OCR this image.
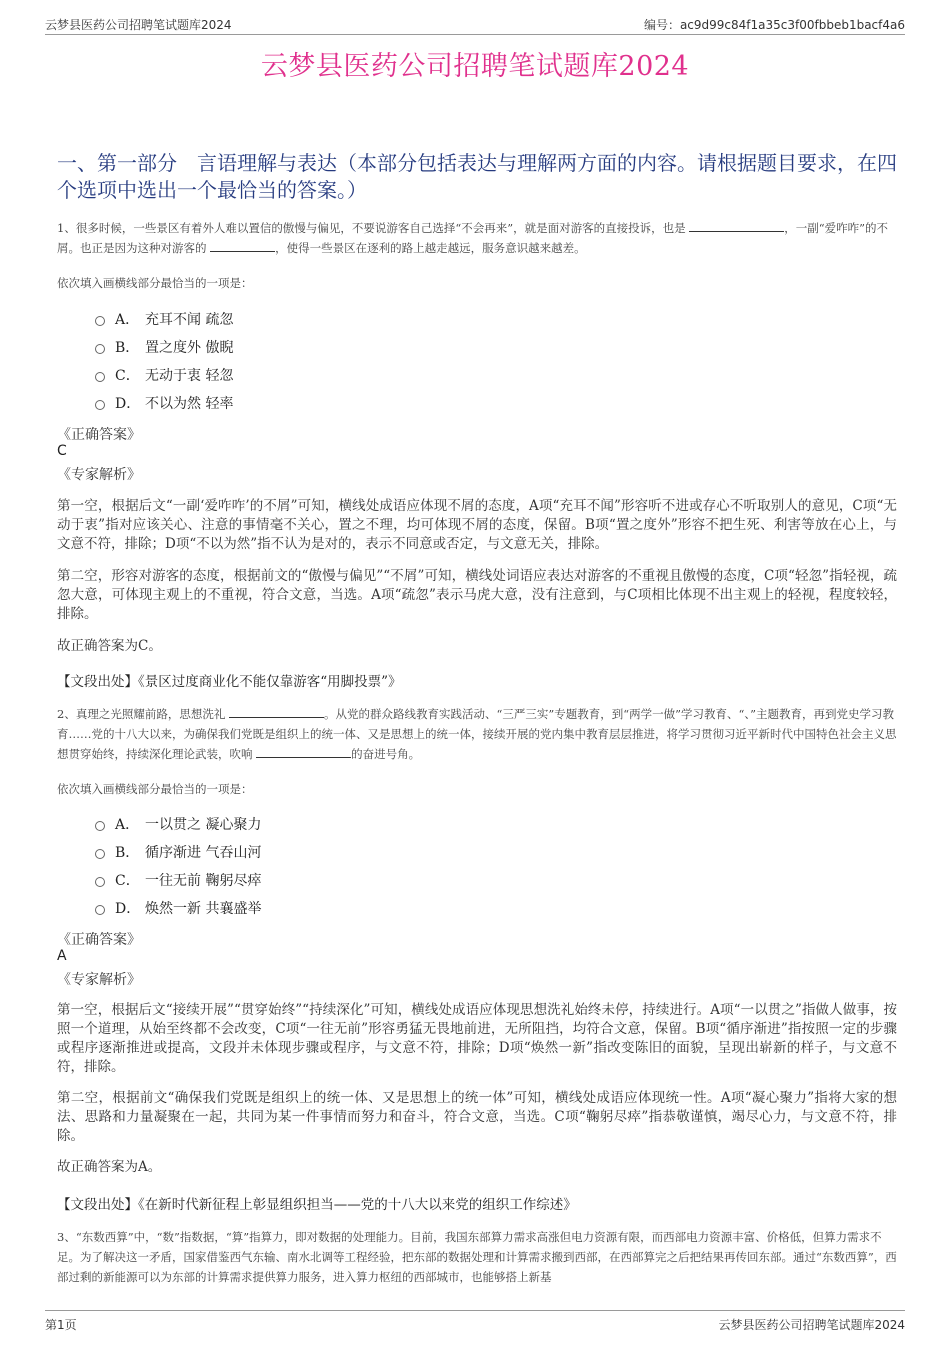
云梦县医药公司招聘笔试题库2024	编号：ac9d99c84f1a35c3f00fbbeb1bacf4a6
云梦县医药公司招聘笔试题库2024
一、第一部分　言语理解与表达（本部分包括表达与理解两方面的内容。请根据题目要求，在四个选项中选出一个最恰当的答案。）
1、很多时候，一些景区有着外人难以置信的傲慢与偏见，不要说游客自己选择“不会再来”，就是面对游客的直接投诉，也是	，一副“爱咋咋”的不屑。也正是因为这种对游客的	，使得一些景区在逐利的路上越走越远，服务意识越来越差。
依次填入画横线部分最恰当的一项是：
A． 充耳不闻 疏忽
B． 置之度外 傲睨
C． 无动于衷 轻忽
D． 不以为然 轻率
《正确答案》
C
《专家解析》
第一空，根据后文“一副‘爱咋咋’的不屑”可知，横线处成语应体现不屑的态度，A项“充耳不闻”形容听不进或存心不听取别人的意见，C项“无动于衷”指对应该关心、注意的事情毫不关心，置之不理，均可体现不屑的态度，保留。B项“置之度外”形容不把生死、利害等放在心上，与文意不符，排除；D项“不以为然”指不认为是对的，表示不同意或否定，与文意无关，排除。
第二空，形容对游客的态度，根据前文的“傲慢与偏见”“不屑”可知，横线处词语应表达对游客的不重视且傲慢的态度，C项“轻忽”指轻视，疏忽大意，可体现主观上的不重视，符合文意，当选。A项“疏忽”表示马虎大意，没有注意到，与C项相比体现不出主观上的轻视，程度较轻，排除。
故正确答案为C。
【文段出处】《景区过度商业化不能仅靠游客“用脚投票”》
2、真理之光照耀前路，思想洗礼	。从党的群众路线教育实践活动、“三严三实”专题教育，到“两学一做”学习教育、“、”主题教育，再到党史学习教育……党的十八大以来，为确保我们党既是组织上的统一体、又是思想上的统一体，接续开展的党内集中教育层层推进，将学习贯彻习近平新时代中国特色社会主义思想贯穿始终，持续深化理论武装，吹响	的奋进号角。
依次填入画横线部分最恰当的一项是：
A． 一以贯之 凝心聚力
B． 循序渐进 气吞山河
C． 一往无前 鞠躬尽瘁
D． 焕然一新 共襄盛举
《正确答案》
A
《专家解析》
第一空，根据后文“接续开展”“贯穿始终”“持续深化”可知，横线处成语应体现思想洗礼始终未停，持续进行。A项“一以贯之”指做人做事，按照一个道理，从始至终都不会改变，C项“一往无前”形容勇猛无畏地前进，无所阻挡，均符合文意，保留。B项“循序渐进”指按照一定的步骤或程序逐渐推进或提高，文段并未体现步骤或程序，与文意不符，排除；D项“焕然一新”指改变陈旧的面貌，呈现出崭新的样子，与文意不符，排除。
第二空，根据前文“确保我们党既是组织上的统一体、又是思想上的统一体”可知，横线处成语应体现统一性。A项“凝心聚力”指将大家的想法、思路和力量凝聚在一起，共同为某一件事情而努力和奋斗，符合文意，当选。C项“鞠躬尽瘁”指恭敬谨慎，竭尽心力，与文意不符，排除。
故正确答案为A。
【文段出处】《在新时代新征程上彰显组织担当——党的十八大以来党的组织工作综述》
3、“东数西算”中，“数”指数据，“算”指算力，即对数据的处理能力。目前，我国东部算力需求高涨但电力资源有限，而西部电力资源丰富、价格低，但算力需求不足。为了解决这一矛盾，国家借鉴西气东输、南水北调等工程经验，把东部的数据处理和计算需求搬到西部，在西部算完之后把结果再传回东部。通过“东数西算”，西部过剩的新能源可以为东部的计算需求提供算力服务，进入算力枢纽的西部城市，也能够搭上新基
第1页	云梦县医药公司招聘笔试题库2024
